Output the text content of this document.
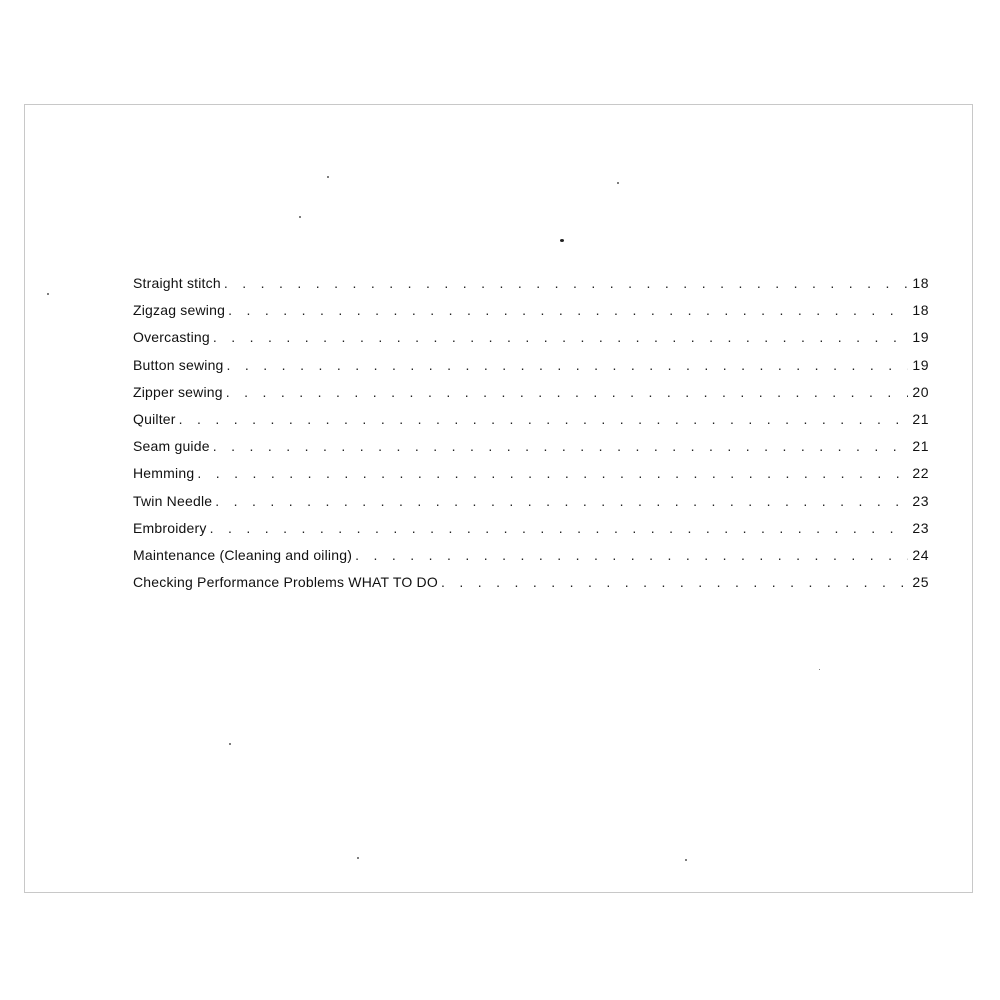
Straight stitch . . .	18
Zigzag sewing . . .	18
Overcasting . . .	19
Button sewing . . .	19
Zipper sewing . . .	20
Quilter . . .	21
Seam guide . . .	21
Hemming . . .	22
Twin Needle . . .	23
Embroidery . . .	23
Maintenance (Cleaning and oiling) . . .	24
Checking Performance Problems WHAT TO DO . . .	25
